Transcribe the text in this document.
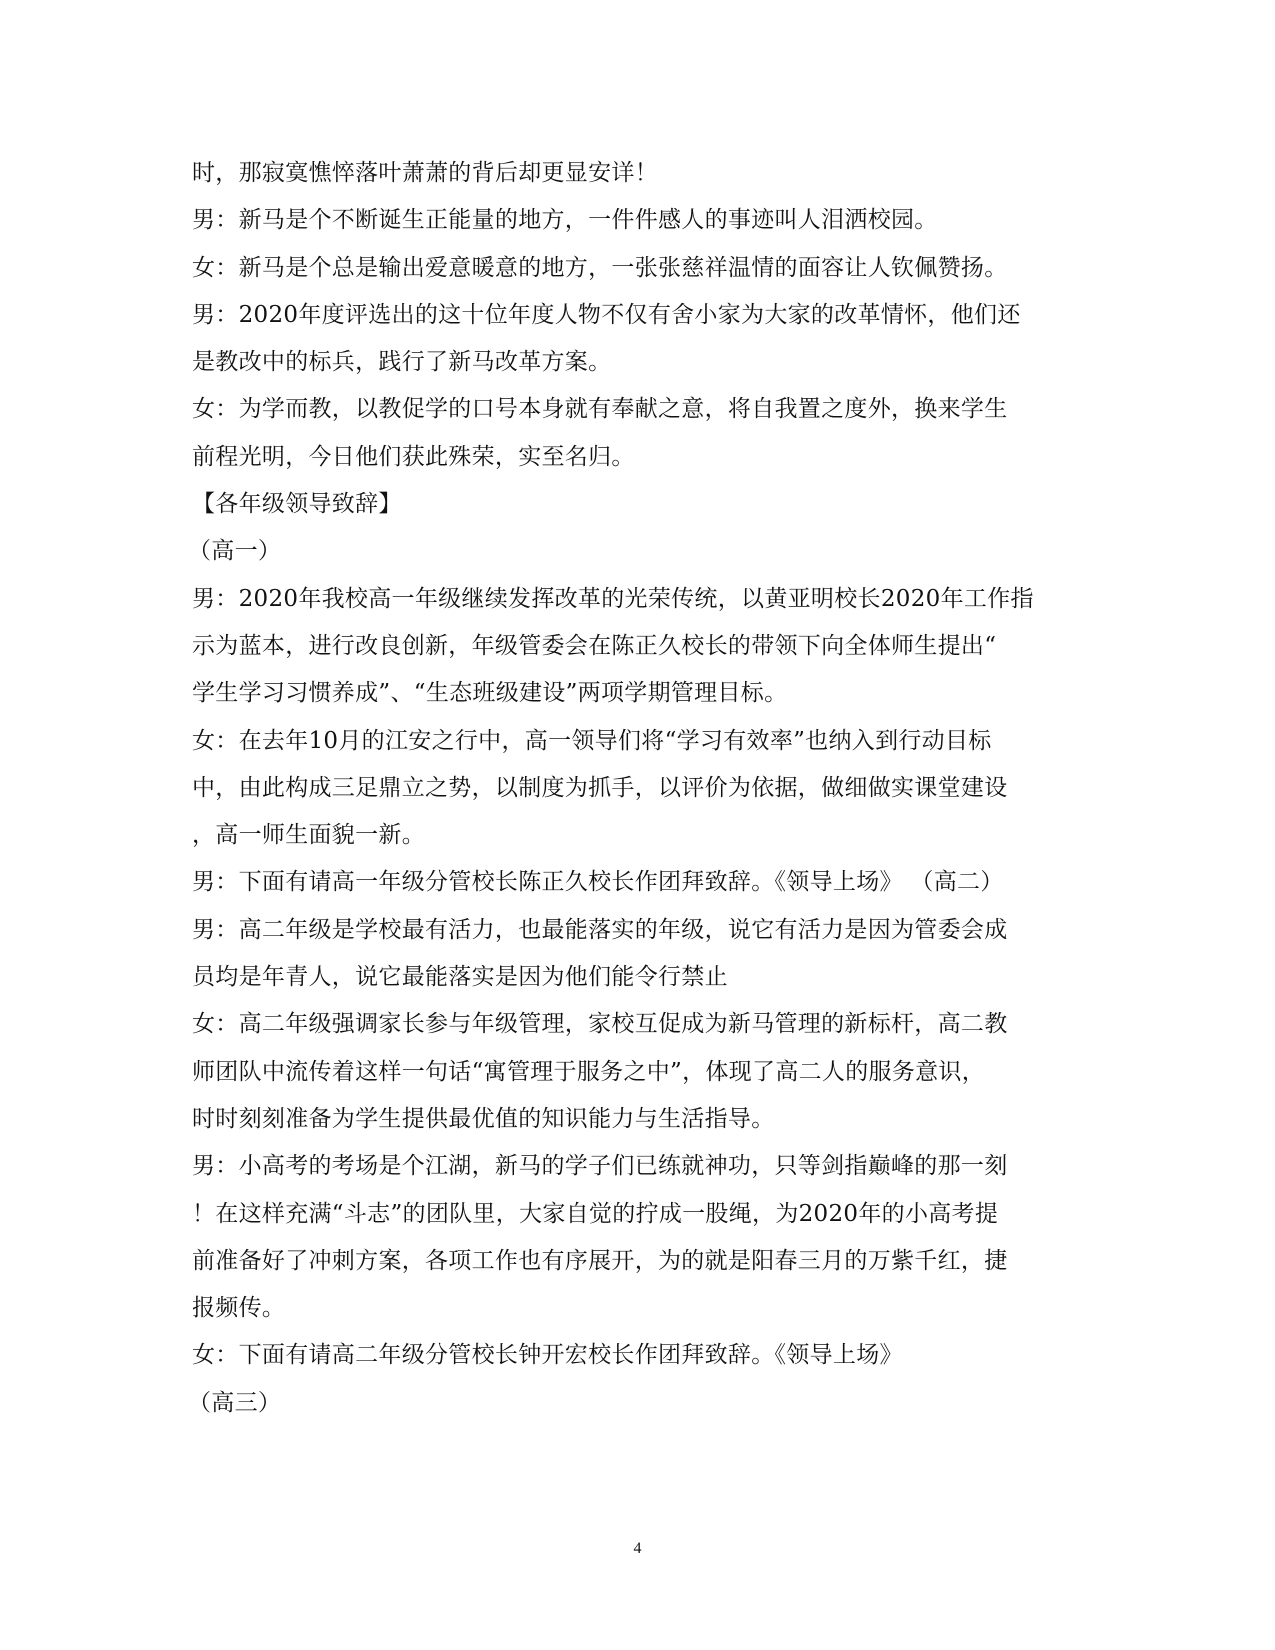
时，那寂寞憔悴落叶萧萧的背后却更显安详！
男：新马是个不断诞生正能量的地方，一件件感人的事迹叫人泪洒校园。
女：新马是个总是输出爱意暖意的地方，一张张慈祥温情的面容让人钦佩赞扬。
男：2020年度评选出的这十位年度人物不仅有舍小家为大家的改革情怀，他们还
是教改中的标兵，践行了新马改革方案。
女：为学而教，以教促学的口号本身就有奉献之意，将自我置之度外，换来学生
前程光明，今日他们获此殊荣，实至名归。
【各年级领导致辞】
（高一）
男：2020年我校高一年级继续发挥改革的光荣传统，以黄亚明校长2020年工作指
示为蓝本，进行改良创新，年级管委会在陈正久校长的带领下向全体师生提出“
学生学习习惯养成”、“生态班级建设”两项学期管理目标。
女：在去年10月的江安之行中，高一领导们将“学习有效率”也纳入到行动目标
中，由此构成三足鼎立之势，以制度为抓手，以评价为依据，做细做实课堂建设
，高一师生面貌一新。
男：下面有请高一年级分管校长陈正久校长作团拜致辞。《领导上场》 （高二）
男：高二年级是学校最有活力，也最能落实的年级，说它有活力是因为管委会成
员均是年青人，说它最能落实是因为他们能令行禁止
女：高二年级强调家长参与年级管理，家校互促成为新马管理的新标杆，高二教
师团队中流传着这样一句话“寓管理于服务之中”，体现了高二人的服务意识，
时时刻刻准备为学生提供最优值的知识能力与生活指导。
男：小高考的考场是个江湖，新马的学子们已练就神功，只等剑指巅峰的那一刻
！在这样充满“斗志”的团队里，大家自觉的拧成一股绳，为2020年的小高考提
前准备好了冲刺方案，各项工作也有序展开，为的就是阳春三月的万紫千红，捷
报频传。
女：下面有请高二年级分管校长钟开宏校长作团拜致辞。《领导上场》
（高三）
4
